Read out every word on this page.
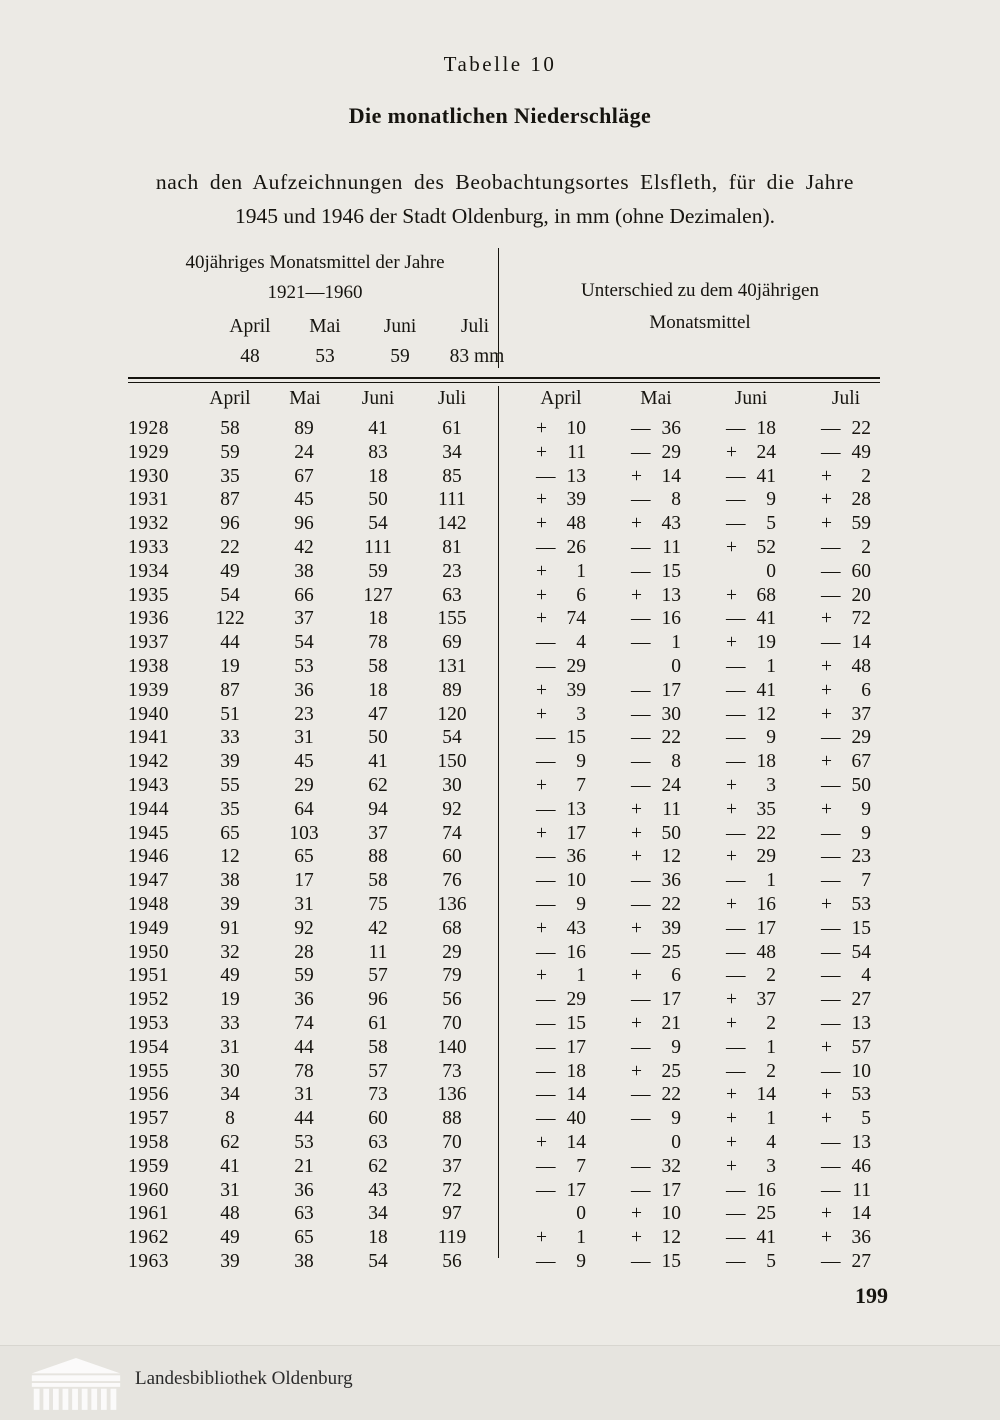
Tabelle 10
Die monatlichen Niederschläge
nach den Aufzeichnungen des Beobachtungsortes Elsfleth, für die Jahre
1945 und 1946 der Stadt Oldenburg, in mm (ohne Dezimalen).
40jähriges Monatsmittel der Jahre
1921—1960	Unterschied zu dem 40jährigen
Monatsmittel
April	Mai	Juni	Juli
48	53	59	83 mm
April	Mai	Juni	Juli	April	Mai	Juni	Juli
1928	58	89	41	61	+ 10	— 36	— 18	— 22
1929	59	24	83	34	+ 11	— 29	+ 24	— 49
1930	35	67	18	85	— 13	+ 14	— 41	+ 2
1931	87	45	50	111	+ 39	— 8	— 9	+ 28
1932	96	96	54	142	+ 48	+ 43	— 5	+ 59
1933	22	42	111	81	— 26	— 11	+ 52	— 2
1934	49	38	59	23	+ 1	— 15	0	— 60
1935	54	66	127	63	+ 6	+ 13	+ 68	— 20
1936	122	37	18	155	+ 74	— 16	— 41	+ 72
1937	44	54	78	69	— 4	— 1	+ 19	— 14
1938	19	53	58	131	— 29	0	— 1	+ 48
1939	87	36	18	89	+ 39	— 17	— 41	+ 6
1940	51	23	47	120	+ 3	— 30	— 12	+ 37
1941	33	31	50	54	— 15	— 22	— 9	— 29
1942	39	45	41	150	— 9	— 8	— 18	+ 67
1943	55	29	62	30	+ 7	— 24	+ 3	— 50
1944	35	64	94	92	— 13	+ 11	+ 35	+ 9
1945	65	103	37	74	+ 17	+ 50	— 22	— 9
1946	12	65	88	60	— 36	+ 12	+ 29	— 23
1947	38	17	58	76	— 10	— 36	— 1	— 7
1948	39	31	75	136	— 9	— 22	+ 16	+ 53
1949	91	92	42	68	+ 43	+ 39	— 17	— 15
1950	32	28	11	29	— 16	— 25	— 48	— 54
1951	49	59	57	79	+ 1	+ 6	— 2	— 4
1952	19	36	96	56	— 29	— 17	+ 37	— 27
1953	33	74	61	70	— 15	+ 21	+ 2	— 13
1954	31	44	58	140	— 17	— 9	— 1	+ 57
1955	30	78	57	73	— 18	+ 25	— 2	— 10
1956	34	31	73	136	— 14	— 22	+ 14	+ 53
1957	8	44	60	88	— 40	— 9	+ 1	+ 5
1958	62	53	63	70	+ 14	0	+ 4	— 13
1959	41	21	62	37	— 7	— 32	+ 3	— 46
1960	31	36	43	72	— 17	— 17	— 16	— 11
1961	48	63	34	97	0	+ 10	— 25	+ 14
1962	49	65	18	119	+ 1	+ 12	— 41	+ 36
1963	39	38	54	56	— 9	— 15	— 5	— 27
199
Landesbibliothek Oldenburg
